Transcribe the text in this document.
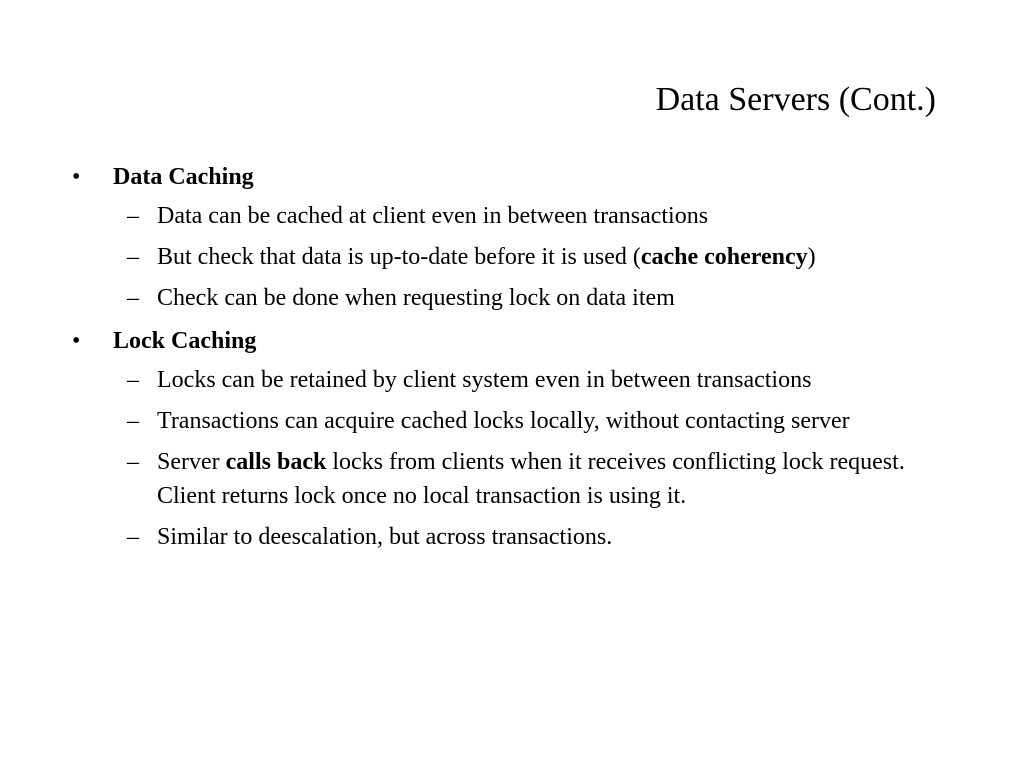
Data Servers (Cont.)

• Data Caching

– Data can be cached at client even in between transactions

– But check that data is up-to-date before it is used (cache coherency)

– Check can be done when requesting lock on data item

• Lock Caching

– Locks can be retained by client system even in between transactions

– Transactions can acquire cached locks locally, without contacting server

– Server calls back locks from clients when it receives conflicting lock request. Client returns lock once no local transaction is using it.

– Similar to deescalation, but across transactions.
